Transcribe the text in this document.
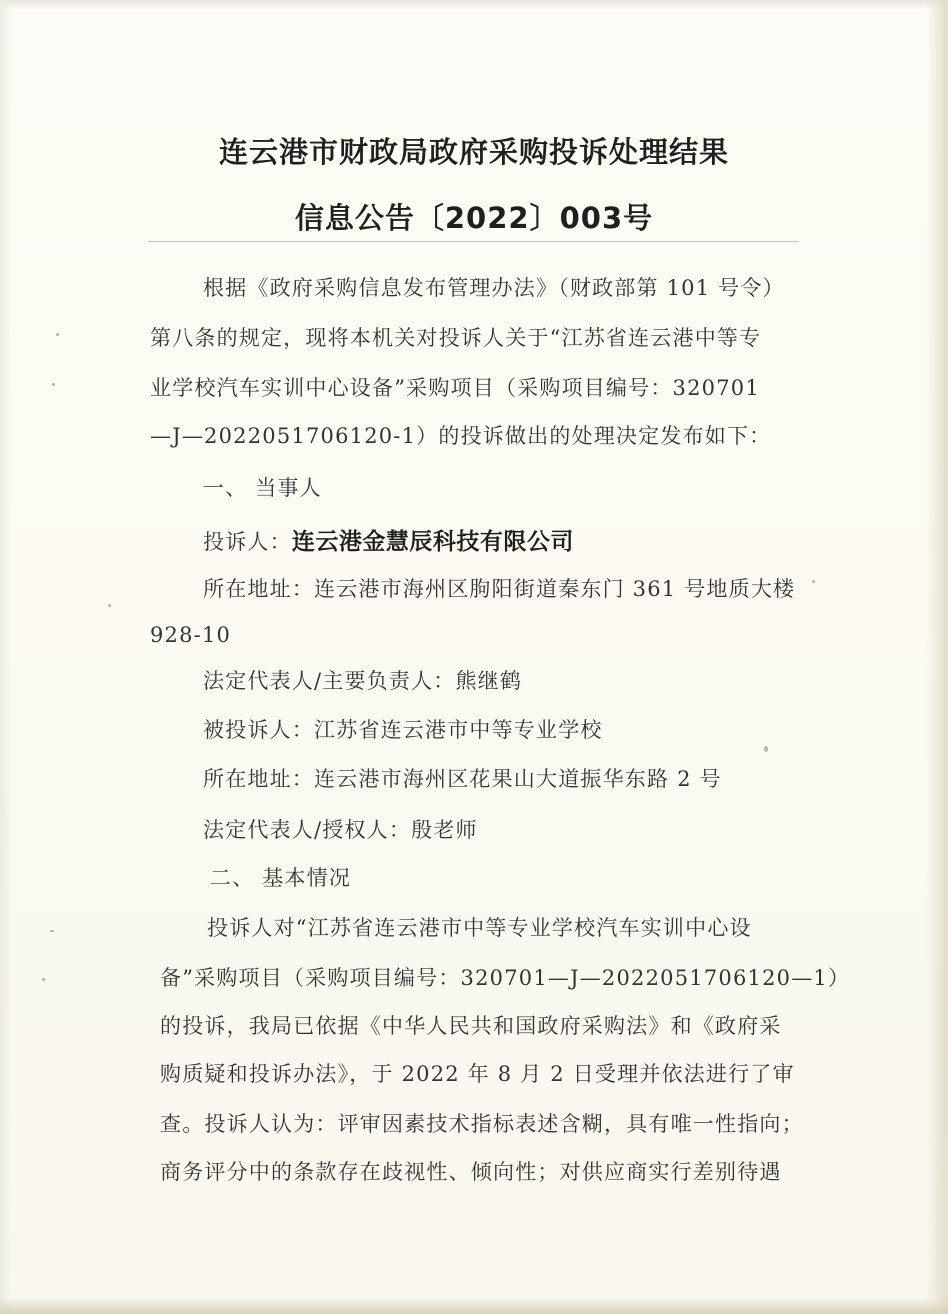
连云港市财政局政府采购投诉处理结果
信息公告〔2022〕003号
根据《政府采购信息发布管理办法》（财政部第 101 号令）
第八条的规定，现将本机关对投诉人关于“江苏省连云港中等专
业学校汽车实训中心设备”采购项目（采购项目编号：320701
—J—2022051706120-1）的投诉做出的处理决定发布如下：
一、 当事人
投诉人：连云港金慧辰科技有限公司
所在地址：连云港市海州区朐阳街道秦东门 361 号地质大楼
928-10
法定代表人/主要负责人：熊继鹤
被投诉人：江苏省连云港市中等专业学校
所在地址：连云港市海州区花果山大道振华东路 2 号
法定代表人/授权人：殷老师
二、 基本情况
投诉人对“江苏省连云港市中等专业学校汽车实训中心设
备”采购项目（采购项目编号：320701—J—2022051706120—1）
的投诉，我局已依据《中华人民共和国政府采购法》和《政府采
购质疑和投诉办法》，于 2022 年 8 月 2 日受理并依法进行了审
查。投诉人认为：评审因素技术指标表述含糊，具有唯一性指向；
商务评分中的条款存在歧视性、倾向性；对供应商实行差别待遇
